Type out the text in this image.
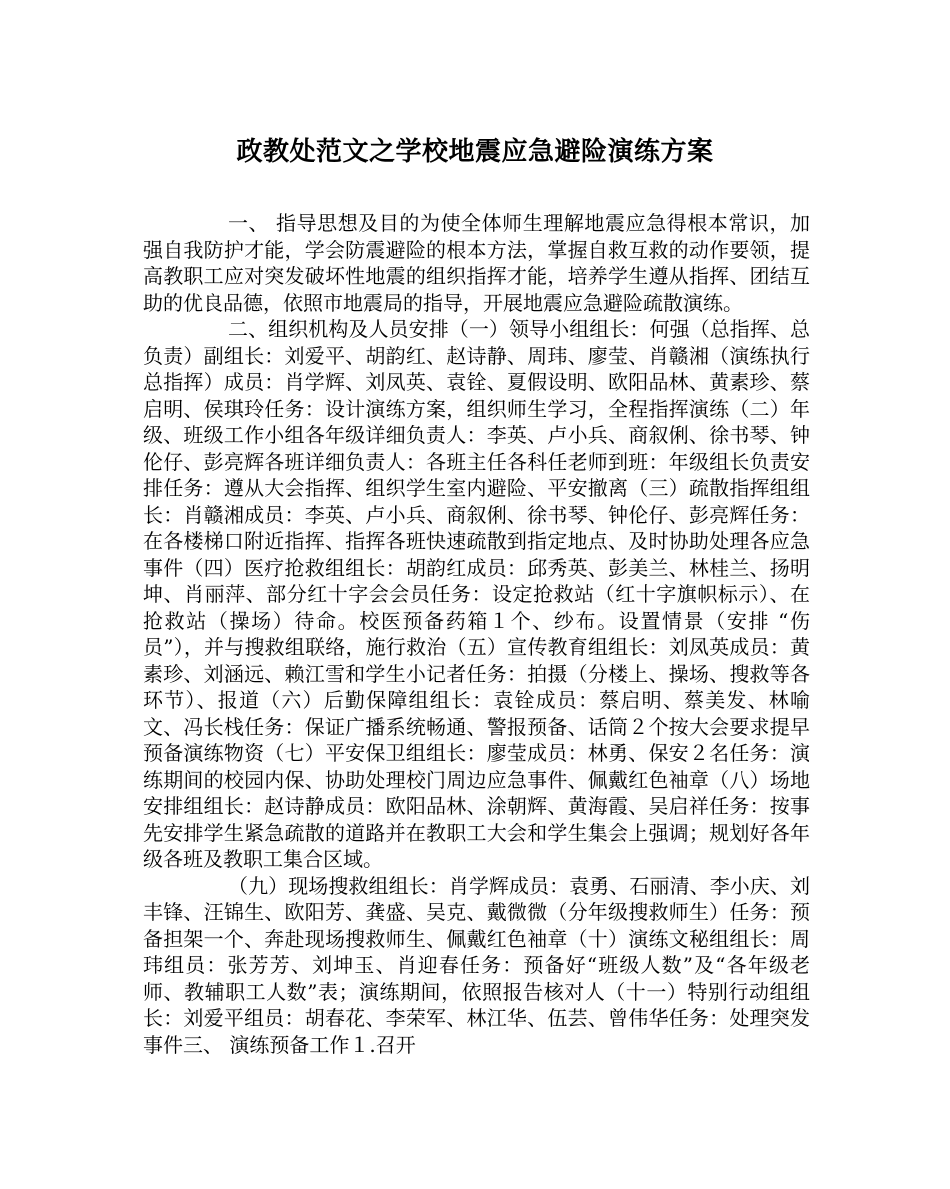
政教处范文之学校地震应急避险演练方案

一、 指导思想及目的为使全体师生理解地震应急得根本常识，加强自我防护才能，学会防震避险的根本方法，掌握自救互救的动作要领，提高教职工应对突发破坏性地震的组织指挥才能，培养学生遵从指挥、团结互助的优良品德，依照市地震局的指导，开展地震应急避险疏散演练。

二、组织机构及人员安排（一）领导小组组长：何强（总指挥、总负责）副组长：刘爱平、胡韵红、赵诗静、周玮、廖莹、肖赣湘（演练执行总指挥）成员：肖学辉、刘凤英、袁铨、夏假设明、欧阳品林、黄素珍、蔡启明、侯琪玲任务：设计演练方案，组织师生学习，全程指挥演练（二）年级、班级工作小组各年级详细负责人：李英、卢小兵、商叙俐、徐书琴、钟伦仔、彭亮辉各班详细负责人：各班主任各科任老师到班：年级组长负责安排任务：遵从大会指挥、组织学生室内避险、平安撤离（三）疏散指挥组组长：肖赣湘成员：李英、卢小兵、商叙俐、徐书琴、钟伦仔、彭亮辉任务：在各楼梯口附近指挥、指挥各班快速疏散到指定地点、及时协助处理各应急事件（四）医疗抢救组组长：胡韵红成员：邱秀英、彭美兰、林桂兰、扬明坤、肖丽萍、部分红十字会会员任务：设定抢救站（红十字旗帜标示）、在抢救站（操场）待命。校医预备药箱１个、纱布。设置情景（安排 “伤员”），并与搜救组联络，施行救治（五）宣传教育组组长：刘凤英成员：黄素珍、刘涵远、赖江雪和学生小记者任务：拍摄（分楼上、操场、搜救等各环节）、报道（六）后勤保障组组长：袁铨成员：蔡启明、蔡美发、林喻文、冯长栈任务：保证广播系统畅通、警报预备、话筒２个按大会要求提早预备演练物资（七）平安保卫组组长：廖莹成员：林勇、保安２名任务：演练期间的校园内保、协助处理校门周边应急事件、佩戴红色袖章（八）场地安排组组长：赵诗静成员：欧阳品林、涂朝辉、黄海霞、吴启祥任务：按事先安排学生紧急疏散的道路并在教职工大会和学生集会上强调；规划好各年级各班及教职工集合区域。

（九）现场搜救组组长：肖学辉成员：袁勇、石丽清、李小庆、刘丰锋、汪锦生、欧阳芳、龚盛、吴克、戴微微（分年级搜救师生）任务：预备担架一个、奔赴现场搜救师生、佩戴红色袖章（十）演练文秘组组长：周玮组员：张芳芳、刘坤玉、肖迎春任务：预备好“班级人数”及“各年级老师、教辅职工人数”表；演练期间，依照报告核对人（十一）特别行动组组长：刘爱平组员：胡春花、李荣军、林江华、伍芸、曾伟华任务：处理突发事件三、 演练预备工作１.召开
